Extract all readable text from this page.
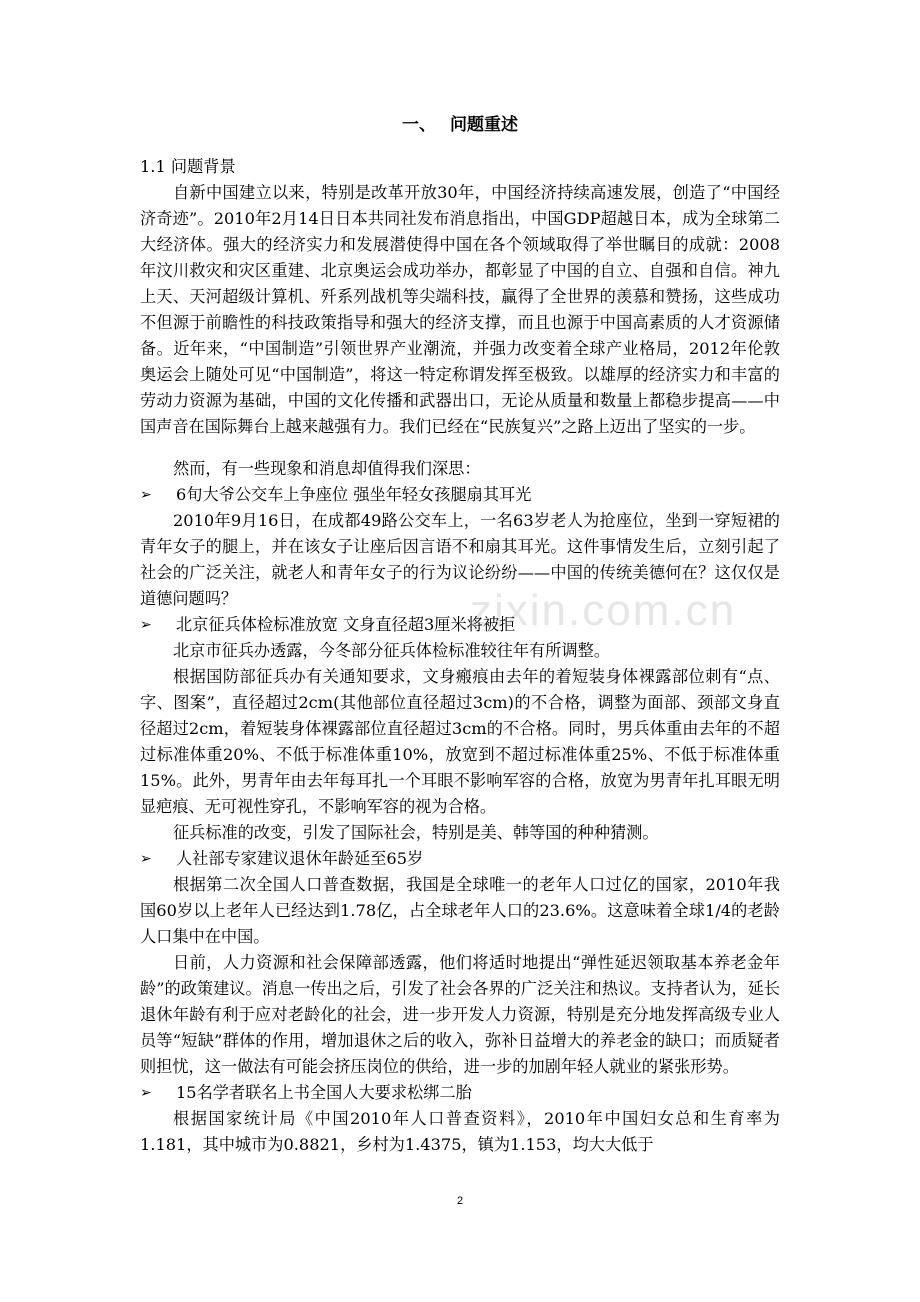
zixin.com.cn
一、 问题重述
1.1 问题背景
自新中国建立以来，特别是改革开放30年，中国经济持续高速发展，创造了“中国经济奇迹”。2010年2月14日日本共同社发布消息指出，中国GDP超越日本，成为全球第二大经济体。强大的经济实力和发展潜使得中国在各个领域取得了举世瞩目的成就：2008年汶川救灾和灾区重建、北京奥运会成功举办，都彰显了中国的自立、自强和自信。神九上天、天河超级计算机、歼系列战机等尖端科技，赢得了全世界的羡慕和赞扬，这些成功不但源于前瞻性的科技政策指导和强大的经济支撑，而且也源于中国高素质的人才资源储备。近年来，“中国制造”引领世界产业潮流，并强力改变着全球产业格局，2012年伦敦奥运会上随处可见“中国制造”，将这一特定称谓发挥至极致。以雄厚的经济实力和丰富的劳动力资源为基础，中国的文化传播和武器出口，无论从质量和数量上都稳步提高——中国声音在国际舞台上越来越强有力。我们已经在“民族复兴”之路上迈出了坚实的一步。
然而，有一些现象和消息却值得我们深思：
➢ 6旬大爷公交车上争座位 强坐年轻女孩腿扇其耳光
2010年9月16日，在成都49路公交车上，一名63岁老人为抢座位，坐到一穿短裙的青年女子的腿上，并在该女子让座后因言语不和扇其耳光。这件事情发生后，立刻引起了社会的广泛关注，就老人和青年女子的行为议论纷纷——中国的传统美德何在？这仅仅是道德问题吗？
➢ 北京征兵体检标准放宽 文身直径超3厘米将被拒
北京市征兵办透露，今冬部分征兵体检标准较往年有所调整。
根据国防部征兵办有关通知要求，文身瘢痕由去年的着短装身体裸露部位刺有“点、字、图案”，直径超过2cm(其他部位直径超过3cm)的不合格，调整为面部、颈部文身直径超过2cm，着短装身体裸露部位直径超过3cm的不合格。同时，男兵体重由去年的不超过标准体重20%、不低于标准体重10%，放宽到不超过标准体重25%、不低于标准体重15%。此外，男青年由去年每耳扎一个耳眼不影响军容的合格，放宽为男青年扎耳眼无明显疤痕、无可视性穿孔，不影响军容的视为合格。
征兵标准的改变，引发了国际社会，特别是美、韩等国的种种猜测。
➢ 人社部专家建议退休年龄延至65岁
根据第二次全国人口普查数据，我国是全球唯一的老年人口过亿的国家，2010年我国60岁以上老年人已经达到1.78亿，占全球老年人口的23.6%。这意味着全球1/4的老龄人口集中在中国。
日前，人力资源和社会保障部透露，他们将适时地提出“弹性延迟领取基本养老金年龄”的政策建议。消息一传出之后，引发了社会各界的广泛关注和热议。支持者认为，延长退休年龄有利于应对老龄化的社会，进一步开发人力资源，特别是充分地发挥高级专业人员等“短缺”群体的作用，增加退休之后的收入，弥补日益增大的养老金的缺口；而质疑者则担忧，这一做法有可能会挤压岗位的供给，进一步的加剧年轻人就业的紧张形势。
➢ 15名学者联名上书全国人大要求松绑二胎
根据国家统计局《中国2010年人口普查资料》，2010年中国妇女总和生育率为1.181，其中城市为0.8821，乡村为1.4375，镇为1.153，均大大低于
2
